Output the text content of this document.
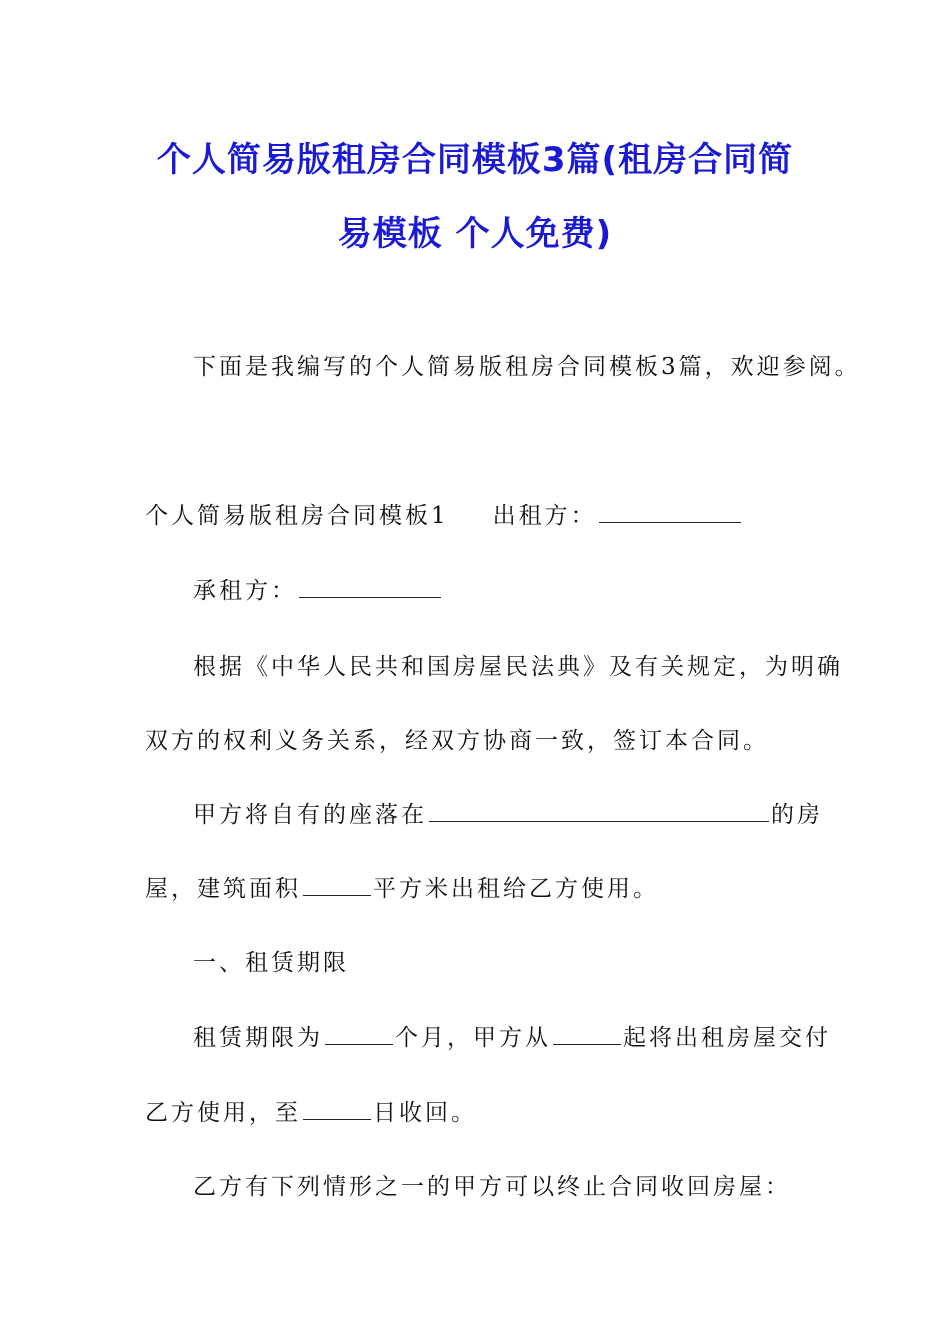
个人简易版租房合同模板3篇(租房合同简
易模板 个人免费)
下面是我编写的个人简易版租房合同模板3篇，欢迎参阅。
个人简易版租房合同模板1 出租方：
承租方：
根据《中华人民共和国房屋民法典》及有关规定，为明确
双方的权利义务关系，经双方协商一致，签订本合同。
甲方将自有的座落在	的房
屋，建筑面积	平方米出租给乙方使用。
一、租赁期限
租赁期限为	个月，甲方从	起将出租房屋交付
乙方使用，至	日收回。
乙方有下列情形之一的甲方可以终止合同收回房屋：
